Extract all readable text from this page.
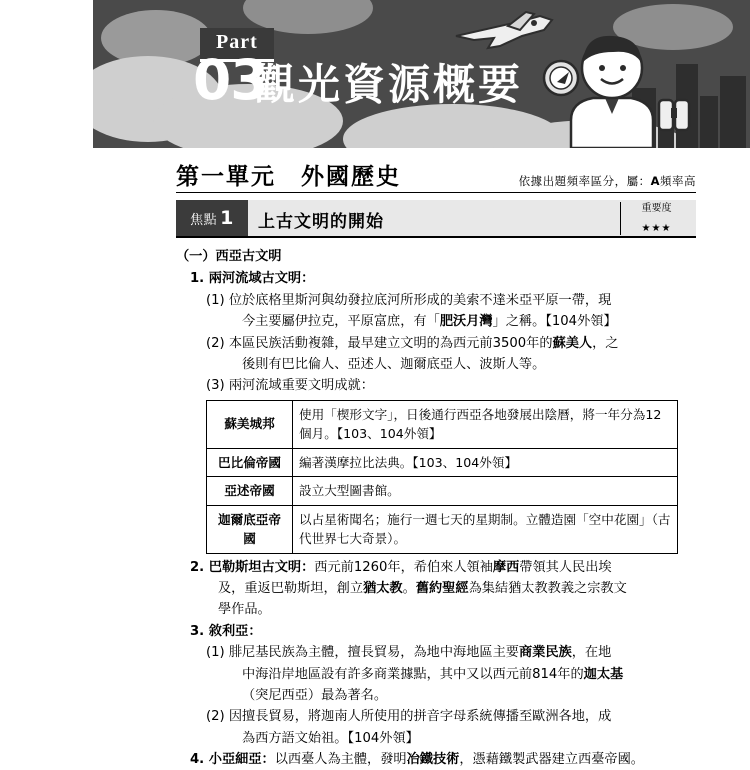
Part
03
觀光資源概要
第一單元　外國歷史	依據出題頻率區分，屬：A頻率高
焦點 1 上古文明的開始
重要度
★★★

（一）西亞古文明

1. 兩河流域古文明：

(1) 位於底格里斯河與幼發拉底河所形成的美索不達米亞平原一帶，現
今主要屬伊拉克，平原富庶，有「肥沃月灣」之稱。【104外領】

(2) 本區民族活動複雜，最早建立文明的為西元前3500年的蘇美人，之
後則有巴比倫人、亞述人、迦爾底亞人、波斯人等。

(3) 兩河流域重要文明成就：

蘇美城邦	使用「楔形文字」，日後通行西亞各地發展出陰曆，將一年分為12個月。【103、104外領】
巴比倫帝國	編著漢摩拉比法典。【103、104外領】
亞述帝國	設立大型圖書館。
迦爾底亞帝國	以占星術聞名；施行一週七天的星期制。立體造園「空中花園」（古代世界七大奇景）。

2. 巴勒斯坦古文明：西元前1260年，希伯來人領袖摩西帶領其人民出埃
及，重返巴勒斯坦，創立猶太教。舊約聖經為集結猶太教教義之宗教文
學作品。

3. 敘利亞：

(1) 腓尼基民族為主體，擅長貿易，為地中海地區主要商業民族，在地
中海沿岸地區設有許多商業據點，其中又以西元前814年的迦太基
（突尼西亞）最為著名。

(2) 因擅長貿易，將迦南人所使用的拼音字母系統傳播至歐洲各地，成
為西方語文始祖。【104外領】

4. 小亞細亞：以西臺人為主體，發明冶鐵技術，憑藉鐵製武器建立西臺帝國。
